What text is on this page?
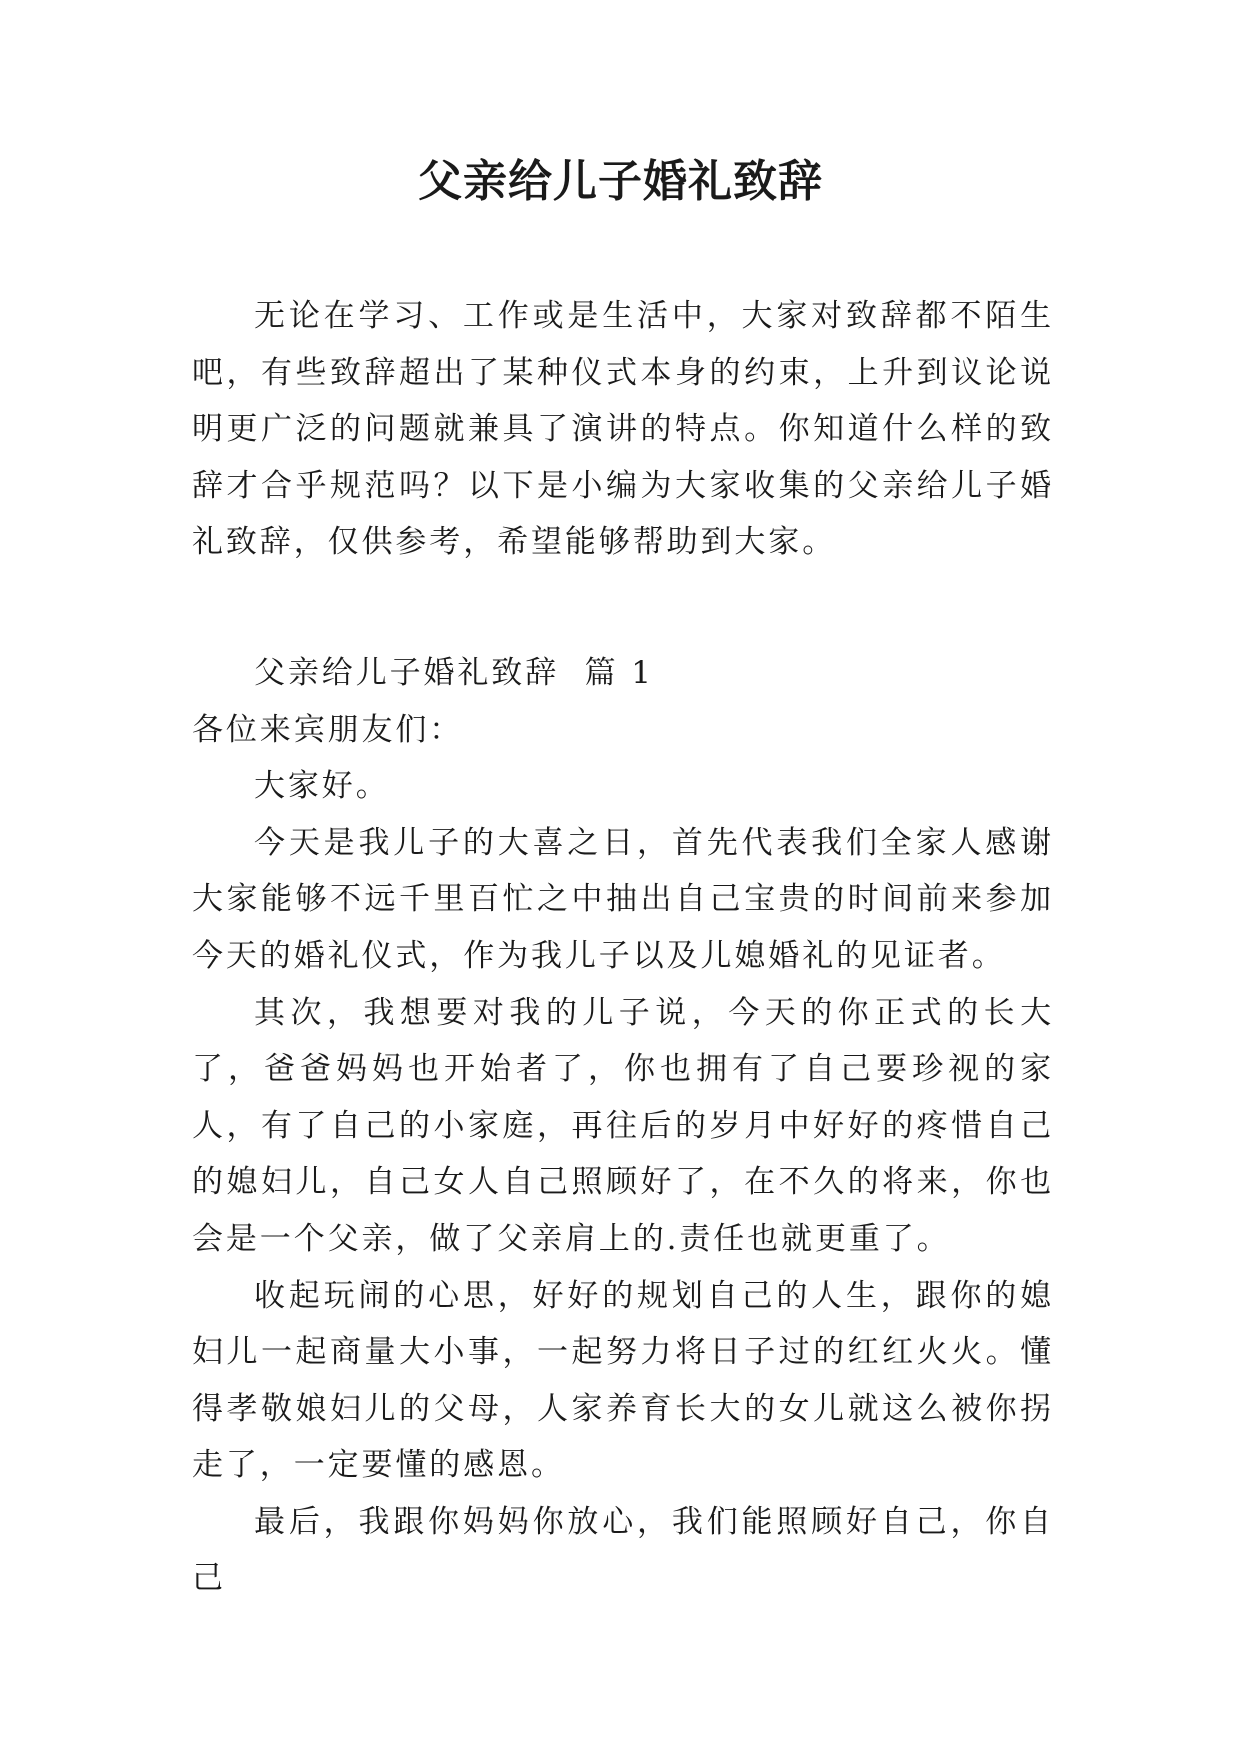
父亲给儿子婚礼致辞

无论在学习、工作或是生活中，大家对致辞都不陌生吧，有些致辞超出了某种仪式本身的约束，上升到议论说明更广泛的问题就兼具了演讲的特点。你知道什么样的致辞才合乎规范吗？以下是小编为大家收集的父亲给儿子婚礼致辞，仅供参考，希望能够帮助到大家。

父亲给儿子婚礼致辞  篇 1

各位来宾朋友们：

大家好。

今天是我儿子的大喜之日，首先代表我们全家人感谢大家能够不远千里百忙之中抽出自己宝贵的时间前来参加今天的婚礼仪式，作为我儿子以及儿媳婚礼的见证者。

其次，我想要对我的儿子说，今天的你正式的长大了，爸爸妈妈也开始者了，你也拥有了自己要珍视的家人，有了自己的小家庭，再往后的岁月中好好的疼惜自己的媳妇儿，自己女人自己照顾好了，在不久的将来，你也会是一个父亲，做了父亲肩上的.责任也就更重了。

收起玩闹的心思，好好的规划自己的人生，跟你的媳妇儿一起商量大小事，一起努力将日子过的红红火火。懂得孝敬娘妇儿的父母，人家养育长大的女儿就这么被你拐走了，一定要懂的感恩。

最后，我跟你妈妈你放心，我们能照顾好自己，你自己
